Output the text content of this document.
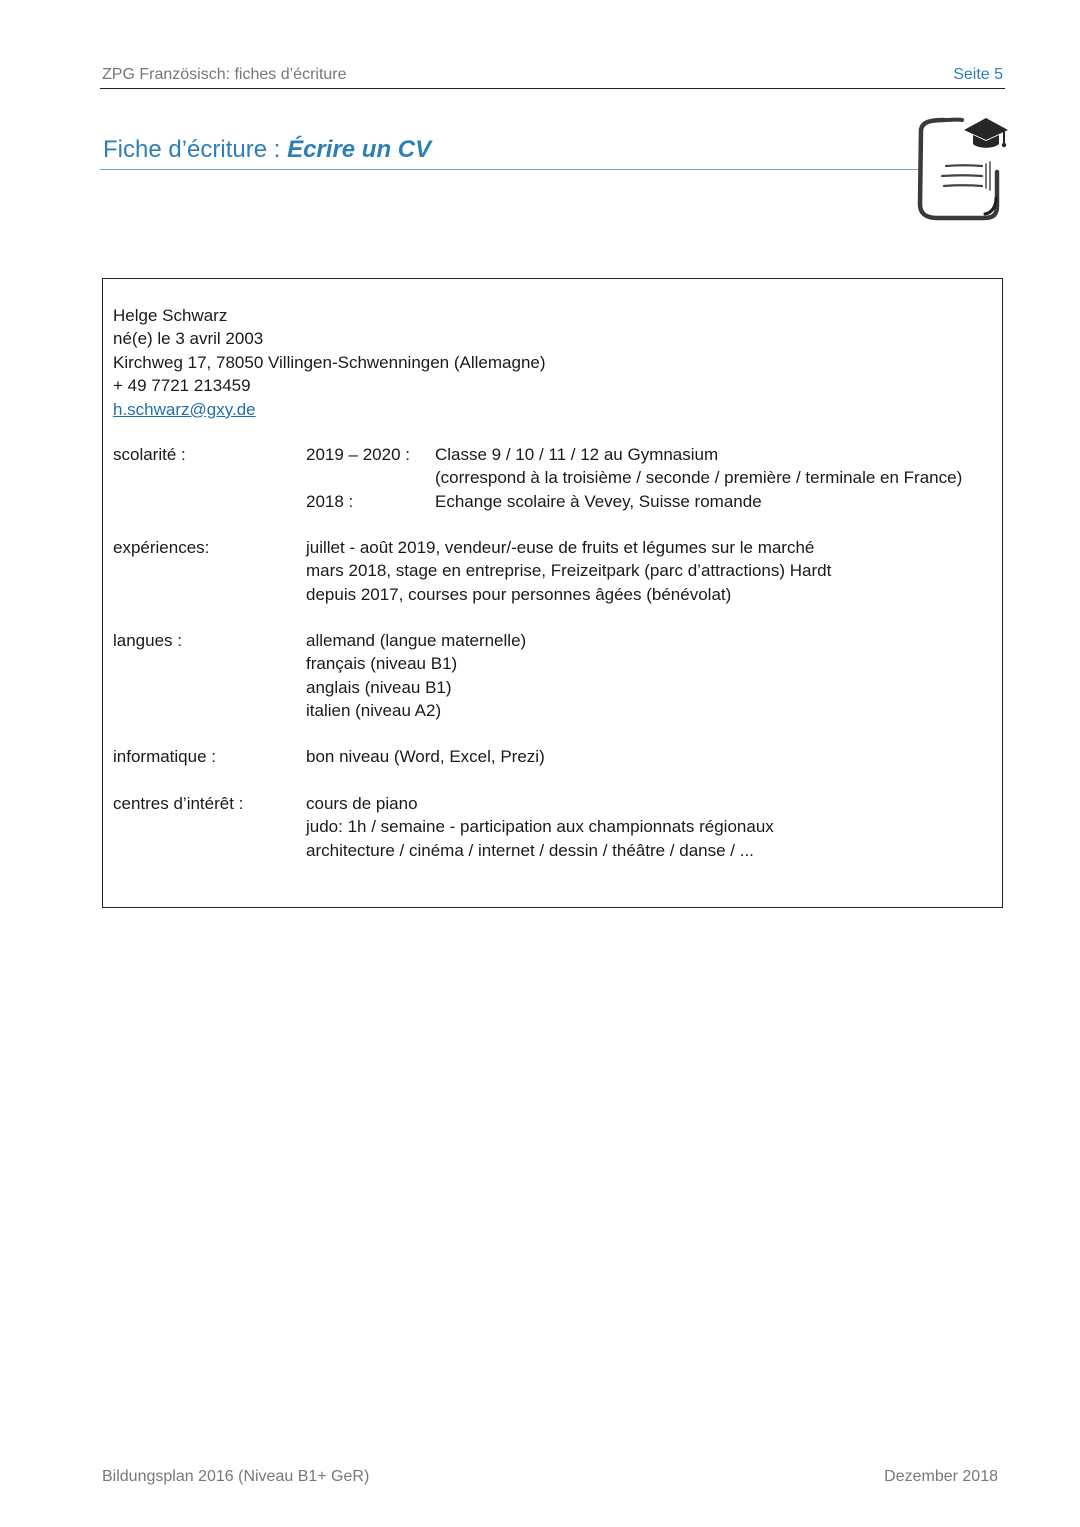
ZPG Französisch: fiches d’écriture	Seite 5
Fiche d’écriture : Écrire un CV
Helge Schwarz
né(e) le 3 avril 2003
Kirchweg 17, 78050 Villingen-Schwenningen (Allemagne)
+ 49 7721 213459
h.schwarz@gxy.de
scolarité :	2019 – 2020 : Classe 9 / 10 / 11 / 12 au Gymnasium
(correspond à la troisième / seconde / première / terminale en France)
2018 :	Echange scolaire à Vevey, Suisse romande
expériences:	juillet - août 2019, vendeur/-euse de fruits et légumes sur le marché
mars 2018, stage en entreprise, Freizeitpark (parc d’attractions) Hardt
depuis 2017, courses pour personnes âgées (bénévolat)
langues :	allemand (langue maternelle)
français (niveau B1)
anglais (niveau B1)
italien (niveau A2)
informatique :	bon niveau (Word, Excel, Prezi)
centres d’intérêt :	cours de piano
judo: 1h / semaine - participation aux championnats régionaux
architecture / cinéma / internet / dessin / théâtre / danse / ...
Bildungsplan 2016 (Niveau B1+ GeR)	Dezember 2018
